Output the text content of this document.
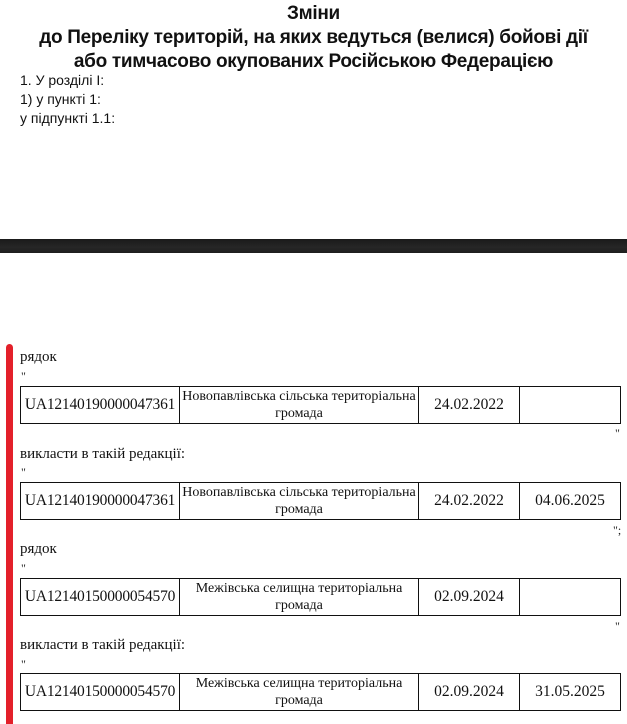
Зміни
до Переліку територій, на яких ведуться (велися) бойові дії
або тимчасово окупованих Російською Федерацією
1. У розділі I:
1) у пункті 1:
у підпункті 1.1:
рядок
"
UA12140190000047361	Новопавлівська сільська територіальна громада	24.02.2022	
"
викласти в такій редакції:
"
UA12140190000047361	Новопавлівська сільська територіальна громада	24.02.2022	04.06.2025
";
рядок
"
UA12140150000054570	Межівська селищна територіальна громада	02.09.2024	
"
викласти в такій редакції:
"
UA12140150000054570	Межівська селищна територіальна громада	02.09.2024	31.05.2025
